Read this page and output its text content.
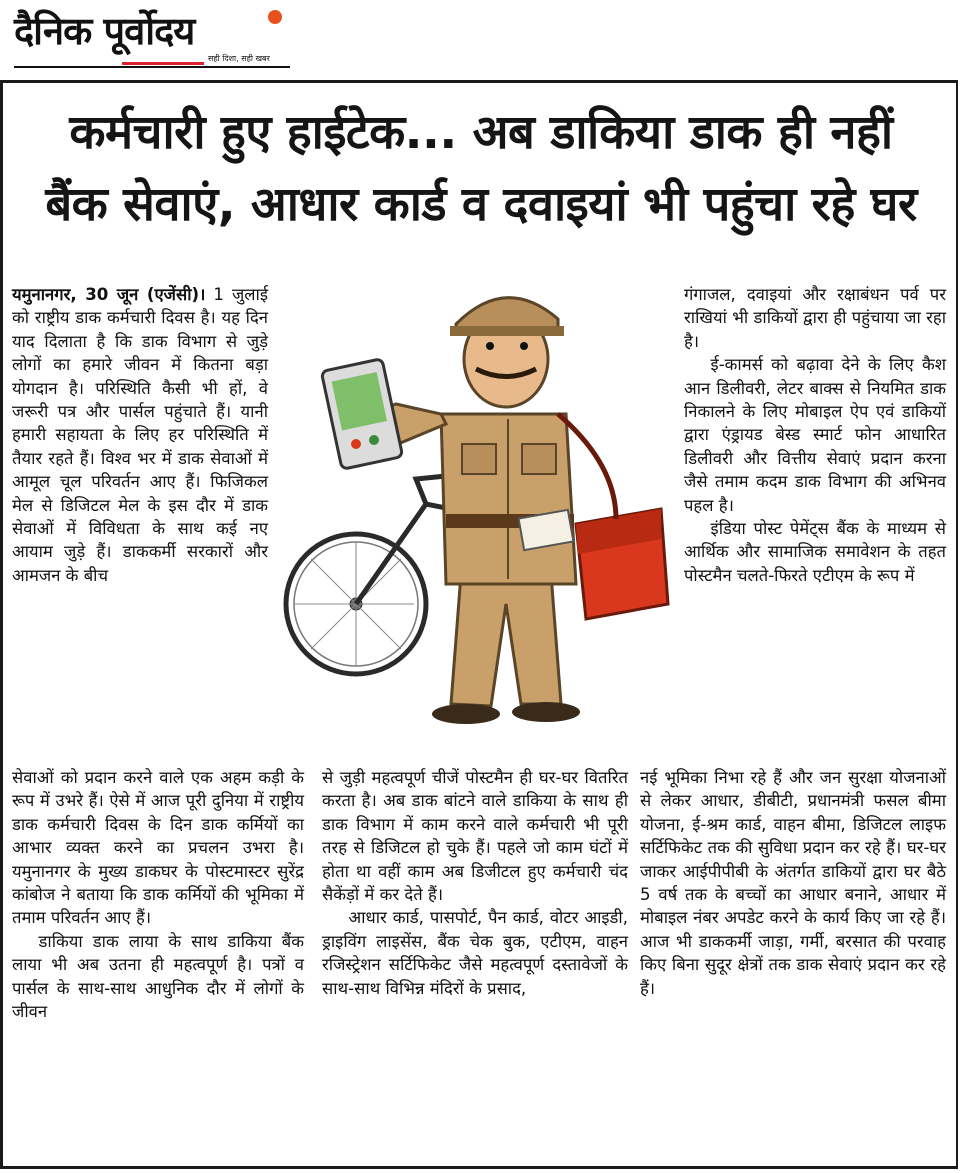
दैनिक पूर्वोदय
सही दिशा, सही खबर
कर्मचारी हुए हाईटेक... अब डाकिया डाक ही नहीं
बैंक सेवाएं, आधार कार्ड व दवाइयां भी पहुंचा रहे घर

यमुनानगर, 30 जून (एजेंसी)। 1 जुलाई को राष्ट्रीय डाक कर्मचारी दिवस है। यह दिन याद दिलाता है कि डाक विभाग से जुड़े लोगों का हमारे जीवन में कितना बड़ा योगदान है। परिस्थिति कैसी भी हों, वे जरूरी पत्र और पार्सल पहुंचाते हैं। यानी हमारी सहायता के लिए हर परिस्थिति में तैयार रहते हैं। विश्व भर में डाक सेवाओं में आमूल चूल परिवर्तन आए हैं। फिजिकल मेल से डिजिटल मेल के इस दौर में डाक सेवाओं में विविधता के साथ कई नए आयाम जुड़े हैं। डाककर्मी सरकारों और आमजन के बीच

सेवाओं को प्रदान करने वाले एक अहम कड़ी के रूप में उभरे हैं। ऐसे में आज पूरी दुनिया में राष्ट्रीय डाक कर्मचारी दिवस के दिन डाक कर्मियों का आभार व्यक्त करने का प्रचलन उभरा है। यमुनानगर के मुख्य डाकघर के पोस्टमास्टर सुरेंद्र कांबोज ने बताया कि डाक कर्मियों की भूमिका में तमाम परिवर्तन आए हैं।

डाकिया डाक लाया के साथ डाकिया बैंक लाया भी अब उतना ही महत्वपूर्ण है। पत्रों व पार्सल के साथ-साथ आधुनिक दौर में लोगों के जीवन

से जुड़ी महत्वपूर्ण चीजें पोस्टमैन ही घर-घर वितरित करता है। अब डाक बांटने वाले डाकिया के साथ ही डाक विभाग में काम करने वाले कर्मचारी भी पूरी तरह से डिजिटल हो चुके हैं। पहले जो काम घंटों में होता था वहीं काम अब डिजीटल हुए कर्मचारी चंद सैकेंड़ों में कर देते हैं।

आधार कार्ड, पासपोर्ट, पैन कार्ड, वोटर आइडी, ड्राइविंग लाइसेंस, बैंक चेक बुक, एटीएम, वाहन रजिस्ट्रेशन सर्टिफिकेट जैसे महत्वपूर्ण दस्तावेजों के साथ-साथ विभिन्न मंदिरों के प्रसाद,

गंगाजल, दवाइयां और रक्षाबंधन पर्व पर राखियां भी डाकियों द्वारा ही पहुंचाया जा रहा है।

ई-कामर्स को बढ़ावा देने के लिए कैश आन डिलीवरी, लेटर बाक्स से नियमित डाक निकालने के लिए मोबाइल ऐप एवं डाकियों द्वारा एंड्रायड बेस्ड स्मार्ट फोन आधारित डिलीवरी और वित्तीय सेवाएं प्रदान करना जैसे तमाम कदम डाक विभाग की अभिनव पहल है।

इंडिया पोस्ट पेमेंट्स बैंक के माध्यम से आर्थिक और सामाजिक समावेशन के तहत पोस्टमैन चलते-फिरते एटीएम के रूप में

नई भूमिका निभा रहे हैं और जन सुरक्षा योजनाओं से लेकर आधार, डीबीटी, प्रधानमंत्री फसल बीमा योजना, ई-श्रम कार्ड, वाहन बीमा, डिजिटल लाइफ सर्टिफिकेट तक की सुविधा प्रदान कर रहे हैं। घर-घर जाकर आईपीपीबी के अंतर्गत डाकियों द्वारा घर बैठे 5 वर्ष तक के बच्चों का आधार बनाने, आधार में मोबाइल नंबर अपडेट करने के कार्य किए जा रहे हैं। आज भी डाककर्मी जाड़ा, गर्मी, बरसात की परवाह किए बिना सुदूर क्षेत्रों तक डाक सेवाएं प्रदान कर रहे हैं।
